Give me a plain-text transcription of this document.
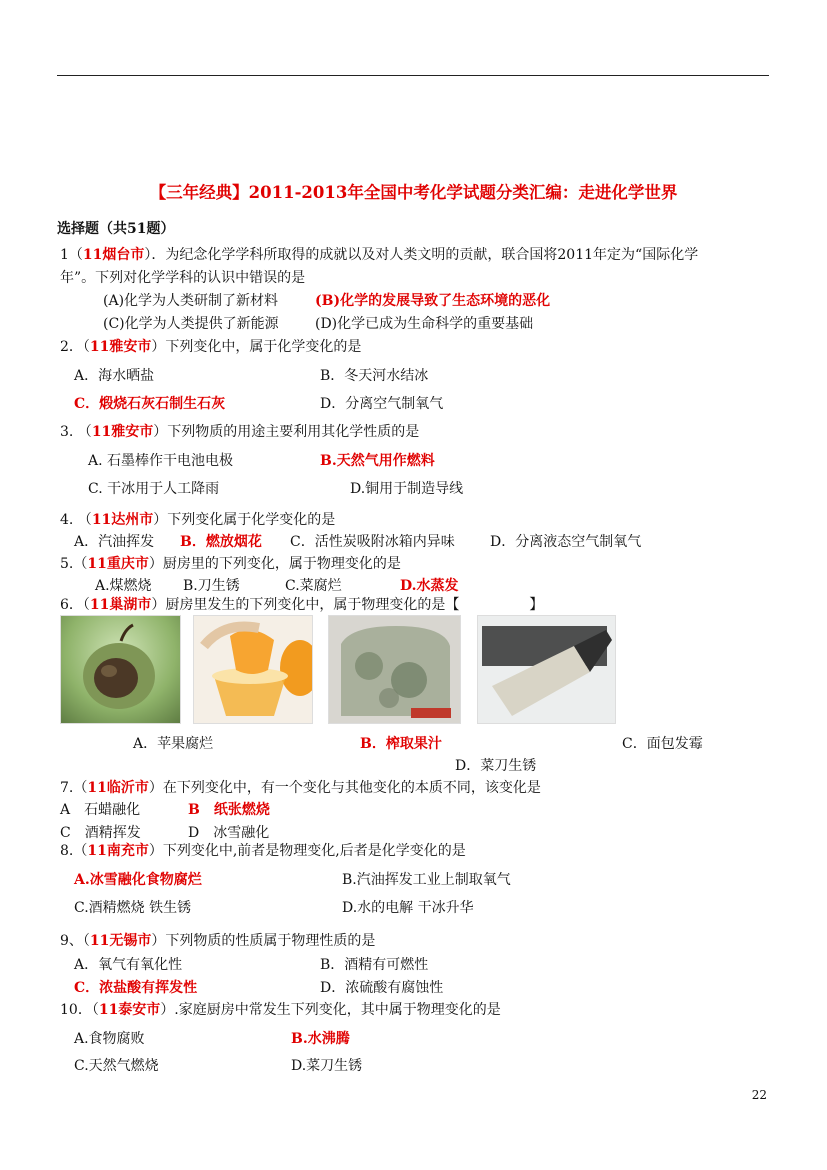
【三年经典】2011-2013年全国中考化学试题分类汇编：走进化学世界
选择题（共51题）
1（11烟台市）．为纪念化学学科所取得的成就以及对人类文明的贡献，联合国将2011年定为“国际化学
年”。下列对化学学科的认识中错误的是
(A)化学为人类研制了新材料	(B)化学的发展导致了生态环境的恶化
(C)化学为人类提供了新能源	(D)化学已成为生命科学的重要基础
2．（11雅安市）下列变化中，属于化学变化的是
A．海水晒盐	B．冬天河水结冰
C．煅烧石灰石制生石灰	D．分离空气制氧气
3. （11雅安市）下列物质的用途主要利用其化学性质的是
A. 石墨棒作干电池电极	B.天然气用作燃料
C. 干冰用于人工降雨	D.铜用于制造导线
4. （11达州市）下列变化属于化学变化的是
A．汽油挥发 B．燃放烟花 C．活性炭吸附冰箱内异味	D．分离液态空气制氧气
5.（11重庆市）厨房里的下列变化，属于物理变化的是
A.煤燃烧 B.刀生锈	C.菜腐烂	D.水蒸发
6．（11巢湖市）厨房里发生的下列变化中，属于物理变化的是【	】
A．苹果腐烂	B．榨取果汁	C．面包发霉
D．菜刀生锈
7.（11临沂市）在下列变化中，有一个变化与其他变化的本质不同，该变化是
A　石蜡融化	B　纸张燃烧
C　酒精挥发	D　冰雪融化
8.（11南充市）下列变化中,前者是物理变化,后者是化学变化的是
A.冰雪融化食物腐烂	B.汽油挥发工业上制取氧气
C.酒精燃烧 铁生锈	D.水的电解 干冰升华
9、（11无锡市）下列物质的性质属于物理性质的是
A．氧气有氧化性	B．酒精有可燃性
C．浓盐酸有挥发性	D．浓硫酸有腐蚀性
10．（11泰安市）.家庭厨房中常发生下列变化，其中属于物理变化的是
A.食物腐败	B.水沸腾
C.天然气燃烧	D.菜刀生锈
22
